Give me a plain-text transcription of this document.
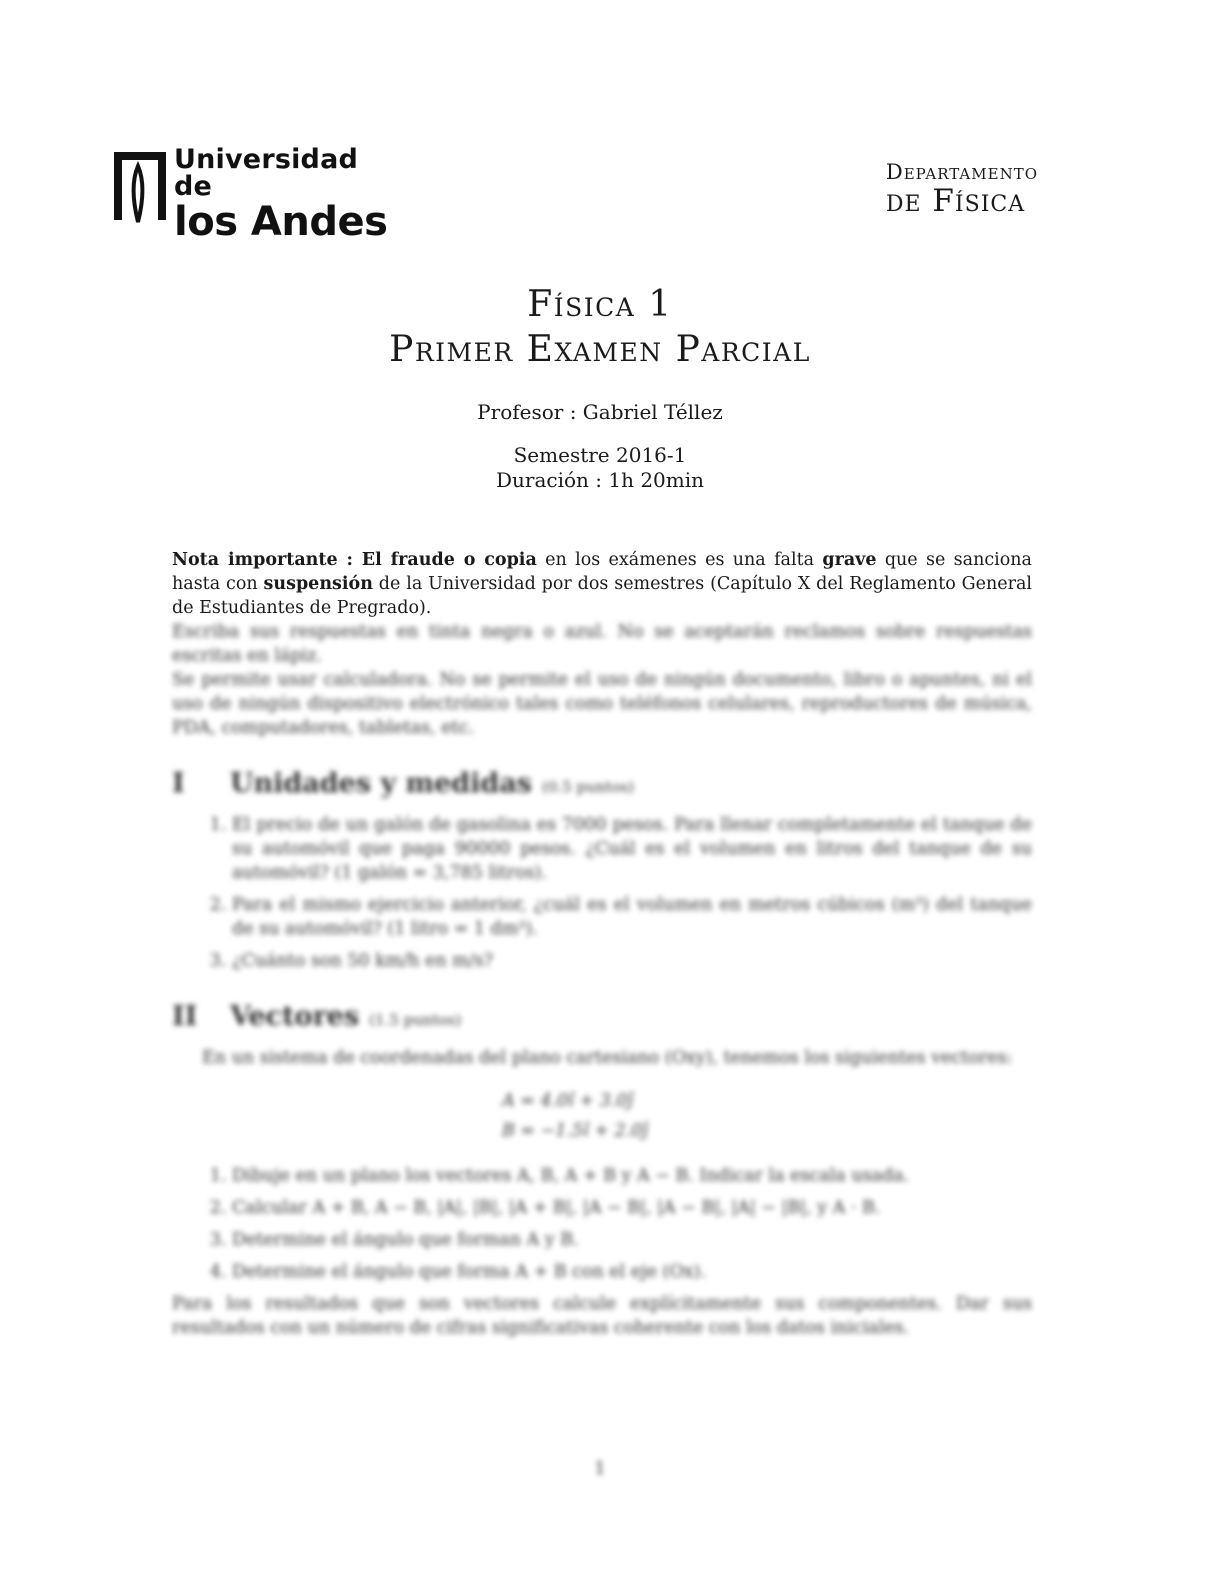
Universidad de
los Andes
Departamento
de Física
Física 1
Primer Examen Parcial

Profesor : Gabriel Téllez

Semestre 2016-1

Duración : 1h 20min

Nota importante : El fraude o copia en los exámenes es una falta grave que se sanciona hasta con suspensión de la Universidad por dos semestres (Capítulo X del Reglamento General de Estudiantes de Pregrado).

Escriba sus respuestas en tinta negra o azul. No se aceptarán reclamos sobre respuestas escritas en lápiz.

Se permite usar calculadora. No se permite el uso de ningún documento, libro o apuntes, ni el uso de ningún dispositivo electrónico tales como teléfonos celulares, reproductores de música, PDA, computadores, tabletas, etc.

I	Unidades y medidas (0.5 puntos)
1. El precio de un galón de gasolina es 7000 pesos. Para llenar completamente el tanque de su automóvil que paga 90000 pesos. ¿Cuál es el volumen en litros del tanque de su automóvil? (1 galón = 3,785 litros).
2. Para el mismo ejercicio anterior, ¿cuál es el volumen en metros cúbicos (m³) del tanque de su automóvil? (1 litro = 1 dm³).
3. ¿Cuánto son 50 km/h en m/s?
II	Vectores (1.5 puntos)

En un sistema de coordenadas del plano cartesiano (Oxy), tenemos los siguientes vectores:

A = 4.0î + 3.0ĵ
B = −1.5î + 2.0ĵ
1. Dibuje en un plano los vectores A, B, A + B y A − B. Indicar la escala usada.
2. Calcular A + B, A − B, |A|, |B|, |A + B|, |A − B|, |A − B|, |A| − |B|, y A · B.
3. Determine el ángulo que forman A y B.
4. Determine el ángulo que forma A + B con el eje (Ox).

Para los resultados que son vectores calcule explícitamente sus componentes. Dar sus resultados con un número de cifras significativas coherente con los datos iniciales.

1
